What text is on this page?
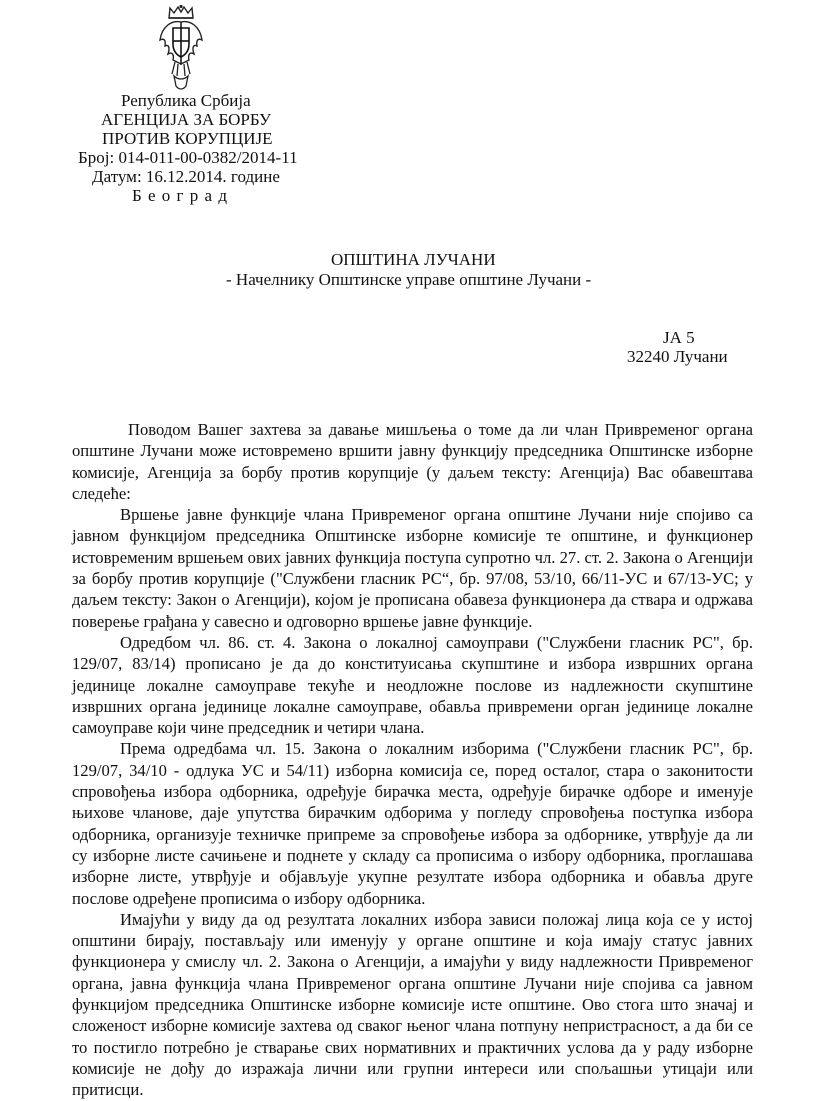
Република Србија
АГЕНЦИЈА ЗА БОРБУ
ПРОТИВ КОРУПЦИЈЕ
Број: 014-011-00-0382/2014-11
Датум: 16.12.2014. године
Б е о г р а д
ОПШТИНА ЛУЧАНИ
- Начелнику Општинске управе општине Лучани -
ЈА 5
32240 Лучани

Поводом Вашег захтева за давање мишљења о томе да ли члан Привременог органа општине Лучани може истовремено вршити јавну функцију председника Општинске изборне комисије, Агенција за борбу против корупције (у даљем тексту: Агенција) Вас обавештава следеће:

Вршење јавне функције члана Привременог органа општине Лучани није спојиво са јавном функцијом председника Општинске изборне комисије те општине, и функционер истовременим вршењем ових јавних функција поступа супротно чл. 27. ст. 2. Закона о Агенцији за борбу против корупције ("Службени гласник РС“, бр. 97/08, 53/10, 66/11-УС и 67/13-УС; у даљем тексту: Закон о Агенцији), којом је прописана обавеза функционера да ствара и одржава поверење грађана у савесно и одговорно вршење јавне функције.

Одредбом чл. 86. ст. 4. Закона о локалној самоуправи ("Службени гласник РС", бр. 129/07, 83/14) прописано је да до конституисања скупштине и избора извршних органа јединице локалне самоуправе текуће и неодложне послове из надлежности скупштине извршних органа јединице локалне самоуправе, обавља привремени орган јединице локалне самоуправе који чине председник и четири члана.

Према одредбама чл. 15. Закона о локалним изборима ("Службени гласник РС", бр. 129/07, 34/10 - одлука УС и 54/11) изборна комисија се, поред осталог, стара о законитости спровођења избора одборника, одређује бирачка места, одређује бирачке одборе и именује њихове чланове, даје упутства бирачким одборима у погледу спровођења поступка избора одборника, организује техничке припреме за спровођење избора за одборнике, утврђује да ли су изборне листе сачињене и поднете у складу са прописима о избору одборника, проглашава изборне листе, утврђује и објављује укупне резултате избора одборника и обавља друге послове одређене прописима о избору одборника.

Имајући у виду да од резултата локалних избора зависи положај лица која се у истој општини бирају, постављају или именују у органе општине и која имају статус јавних функционера у смислу чл. 2. Закона о Агенцији, а имајући у виду надлежности Привременог органа, јавна функција члана Привременог органа општине Лучани није спојива са јавном функцијом председника Општинске изборне комисије исте општине. Ово стога што значај и сложеност изборне комисије захтева од сваког њеног члана потпуну непристрасност, а да би се то постигло потребно је стварање свих нормативних и практичних услова да у раду изборне комисије не дођу до изражаја лични или групни интереси или спољашњи утицаји или притисци.
